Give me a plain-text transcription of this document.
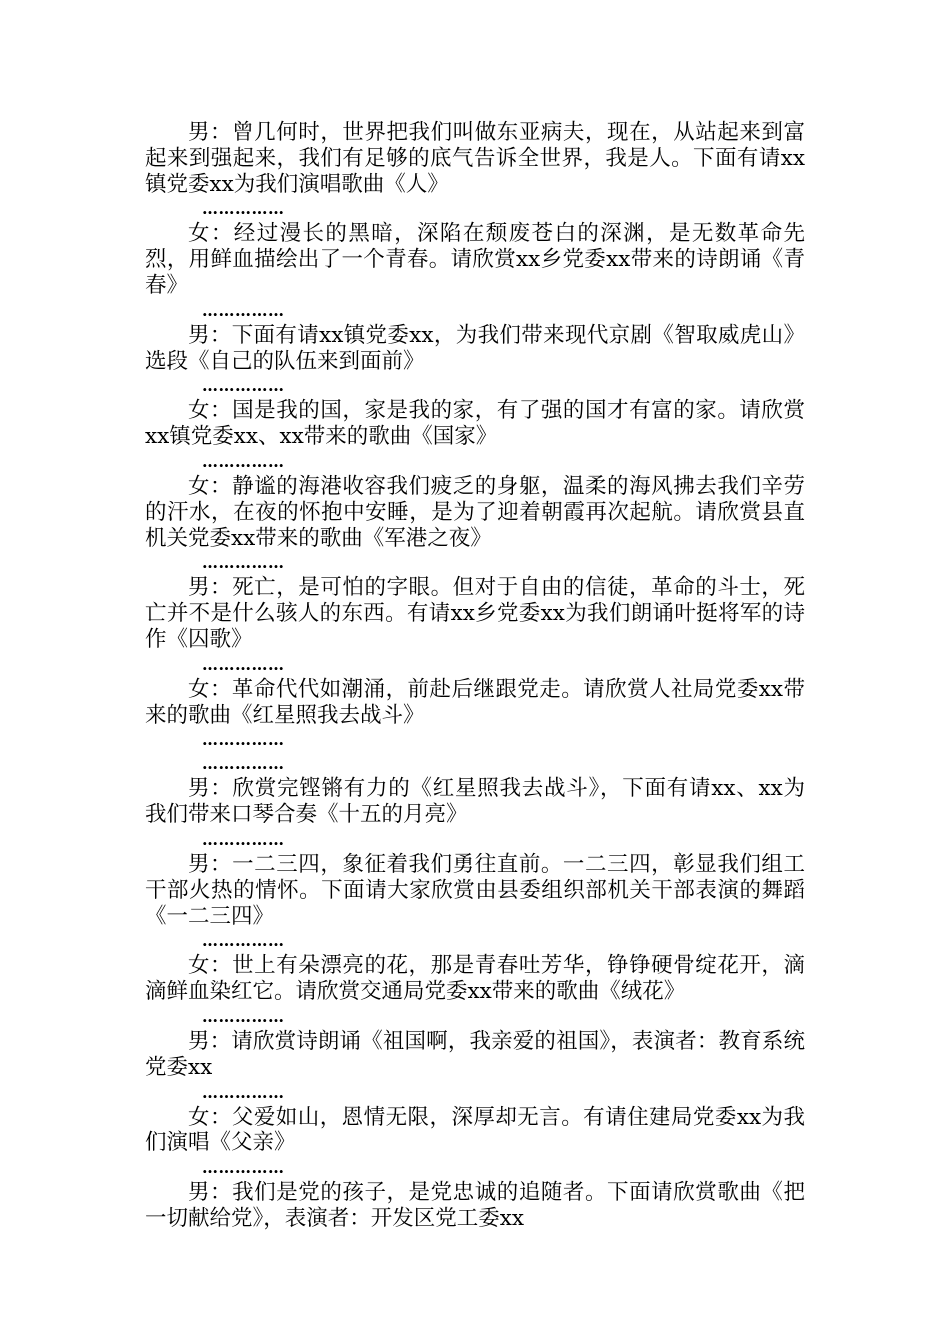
男：曾几何时，世界把我们叫做东亚病夫，现在，从站起来到富起来到强起来，我们有足够的底气告诉全世界，我是人。下面有请xx镇党委xx为我们演唱歌曲《人》

……………

女：经过漫长的黑暗，深陷在颓废苍白的深渊，是无数革命先烈，用鲜血描绘出了一个青春。请欣赏xx乡党委xx带来的诗朗诵《青春》

……………

男：下面有请xx镇党委xx，为我们带来现代京剧《智取威虎山》选段《自己的队伍来到面前》

……………

女：国是我的国，家是我的家，有了强的国才有富的家。请欣赏xx镇党委xx、xx带来的歌曲《国家》

……………

女：静谧的海港收容我们疲乏的身躯，温柔的海风拂去我们辛劳的汗水，在夜的怀抱中安睡，是为了迎着朝霞再次起航。请欣赏县直机关党委xx带来的歌曲《军港之夜》

……………

男：死亡，是可怕的字眼。但对于自由的信徒，革命的斗士，死亡并不是什么骇人的东西。有请xx乡党委xx为我们朗诵叶挺将军的诗作《囚歌》

……………

女：革命代代如潮涌，前赴后继跟党走。请欣赏人社局党委xx带来的歌曲《红星照我去战斗》

……………

……………

男：欣赏完铿锵有力的《红星照我去战斗》，下面有请xx、xx为我们带来口琴合奏《十五的月亮》

……………

男：一二三四，象征着我们勇往直前。一二三四，彰显我们组工干部火热的情怀。下面请大家欣赏由县委组织部机关干部表演的舞蹈《一二三四》

……………

女：世上有朵漂亮的花，那是青春吐芳华，铮铮硬骨绽花开，滴滴鲜血染红它。请欣赏交通局党委xx带来的歌曲《绒花》

……………

男：请欣赏诗朗诵《祖国啊，我亲爱的祖国》，表演者：教育系统党委xx

……………

女：父爱如山，恩情无限，深厚却无言。有请住建局党委xx为我们演唱《父亲》

……………

男：我们是党的孩子，是党忠诚的追随者。下面请欣赏歌曲《把一切献给党》，表演者：开发区党工委xx
